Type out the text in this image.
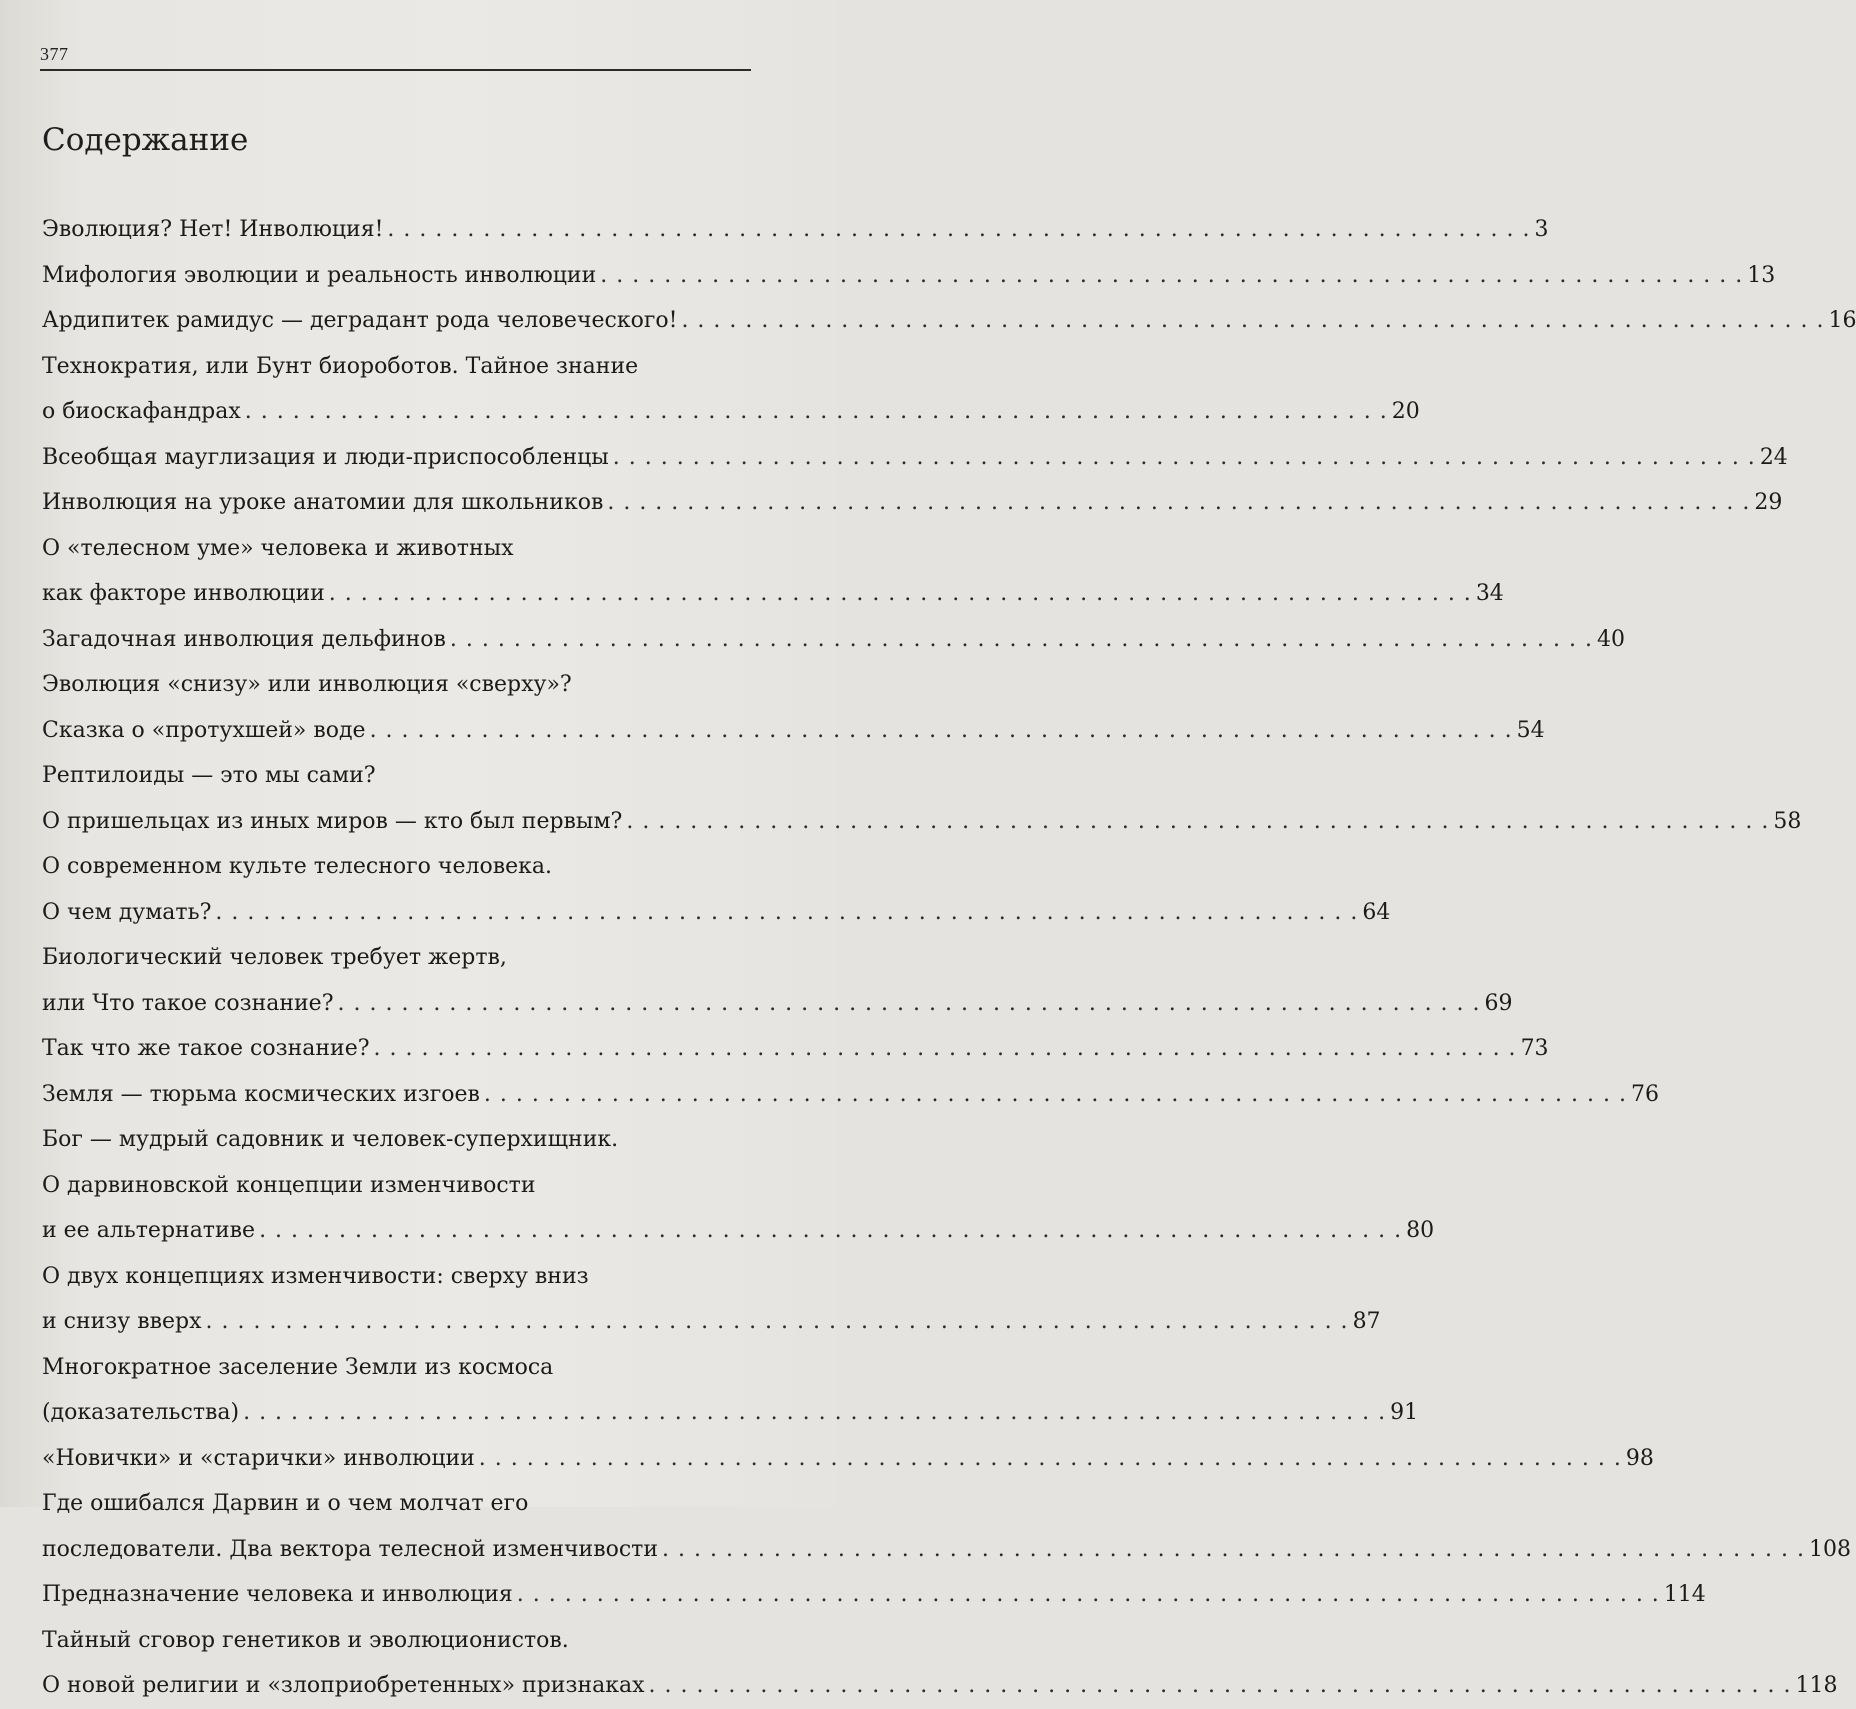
377
Содержание
Эволюция? Нет! Инволюция! . . .	3
Мифология эволюции и реальность инволюции . . .	13
Ардипитек рамидус — деградант рода человеческого! . . .	16
Технократия, или Бунт биороботов. Тайное знание
о биоскафандрах . . .	20
Всеобщая мауглизация и люди-приспособленцы . . .	24
Инволюция на уроке анатомии для школьников . . .	29
О «телесном уме» человека и животных
как факторе инволюции . . .	34
Загадочная инволюция дельфинов . . .	40
Эволюция «снизу» или инволюция «сверху»?
Сказка о «протухшей» воде . . .	54
Рептилоиды — это мы сами?
О пришельцах из иных миров — кто был первым? . . .	58
О современном культе телесного человека.
О чем думать? . . .	64
Биологический человек требует жертв,
или Что такое сознание? . . .	69
Так что же такое сознание? . . .	73
Земля — тюрьма космических изгоев . . .	76
Бог — мудрый садовник и человек-суперхищник.
О дарвиновской концепции изменчивости
и ее альтернативе . . .	80
О двух концепциях изменчивости: сверху вниз
и снизу вверх . . .	87
Многократное заселение Земли из космоса
(доказательства) . . .	91
«Новички» и «старички» инволюции . . .	98
Где ошибался Дарвин и о чем молчат его
последователи. Два вектора телесной изменчивости . . .	108
Предназначение человека и инволюция . . .	114
Тайный сговор генетиков и эволюционистов.
О новой религии и «злоприобретенных» признаках . . .	118
